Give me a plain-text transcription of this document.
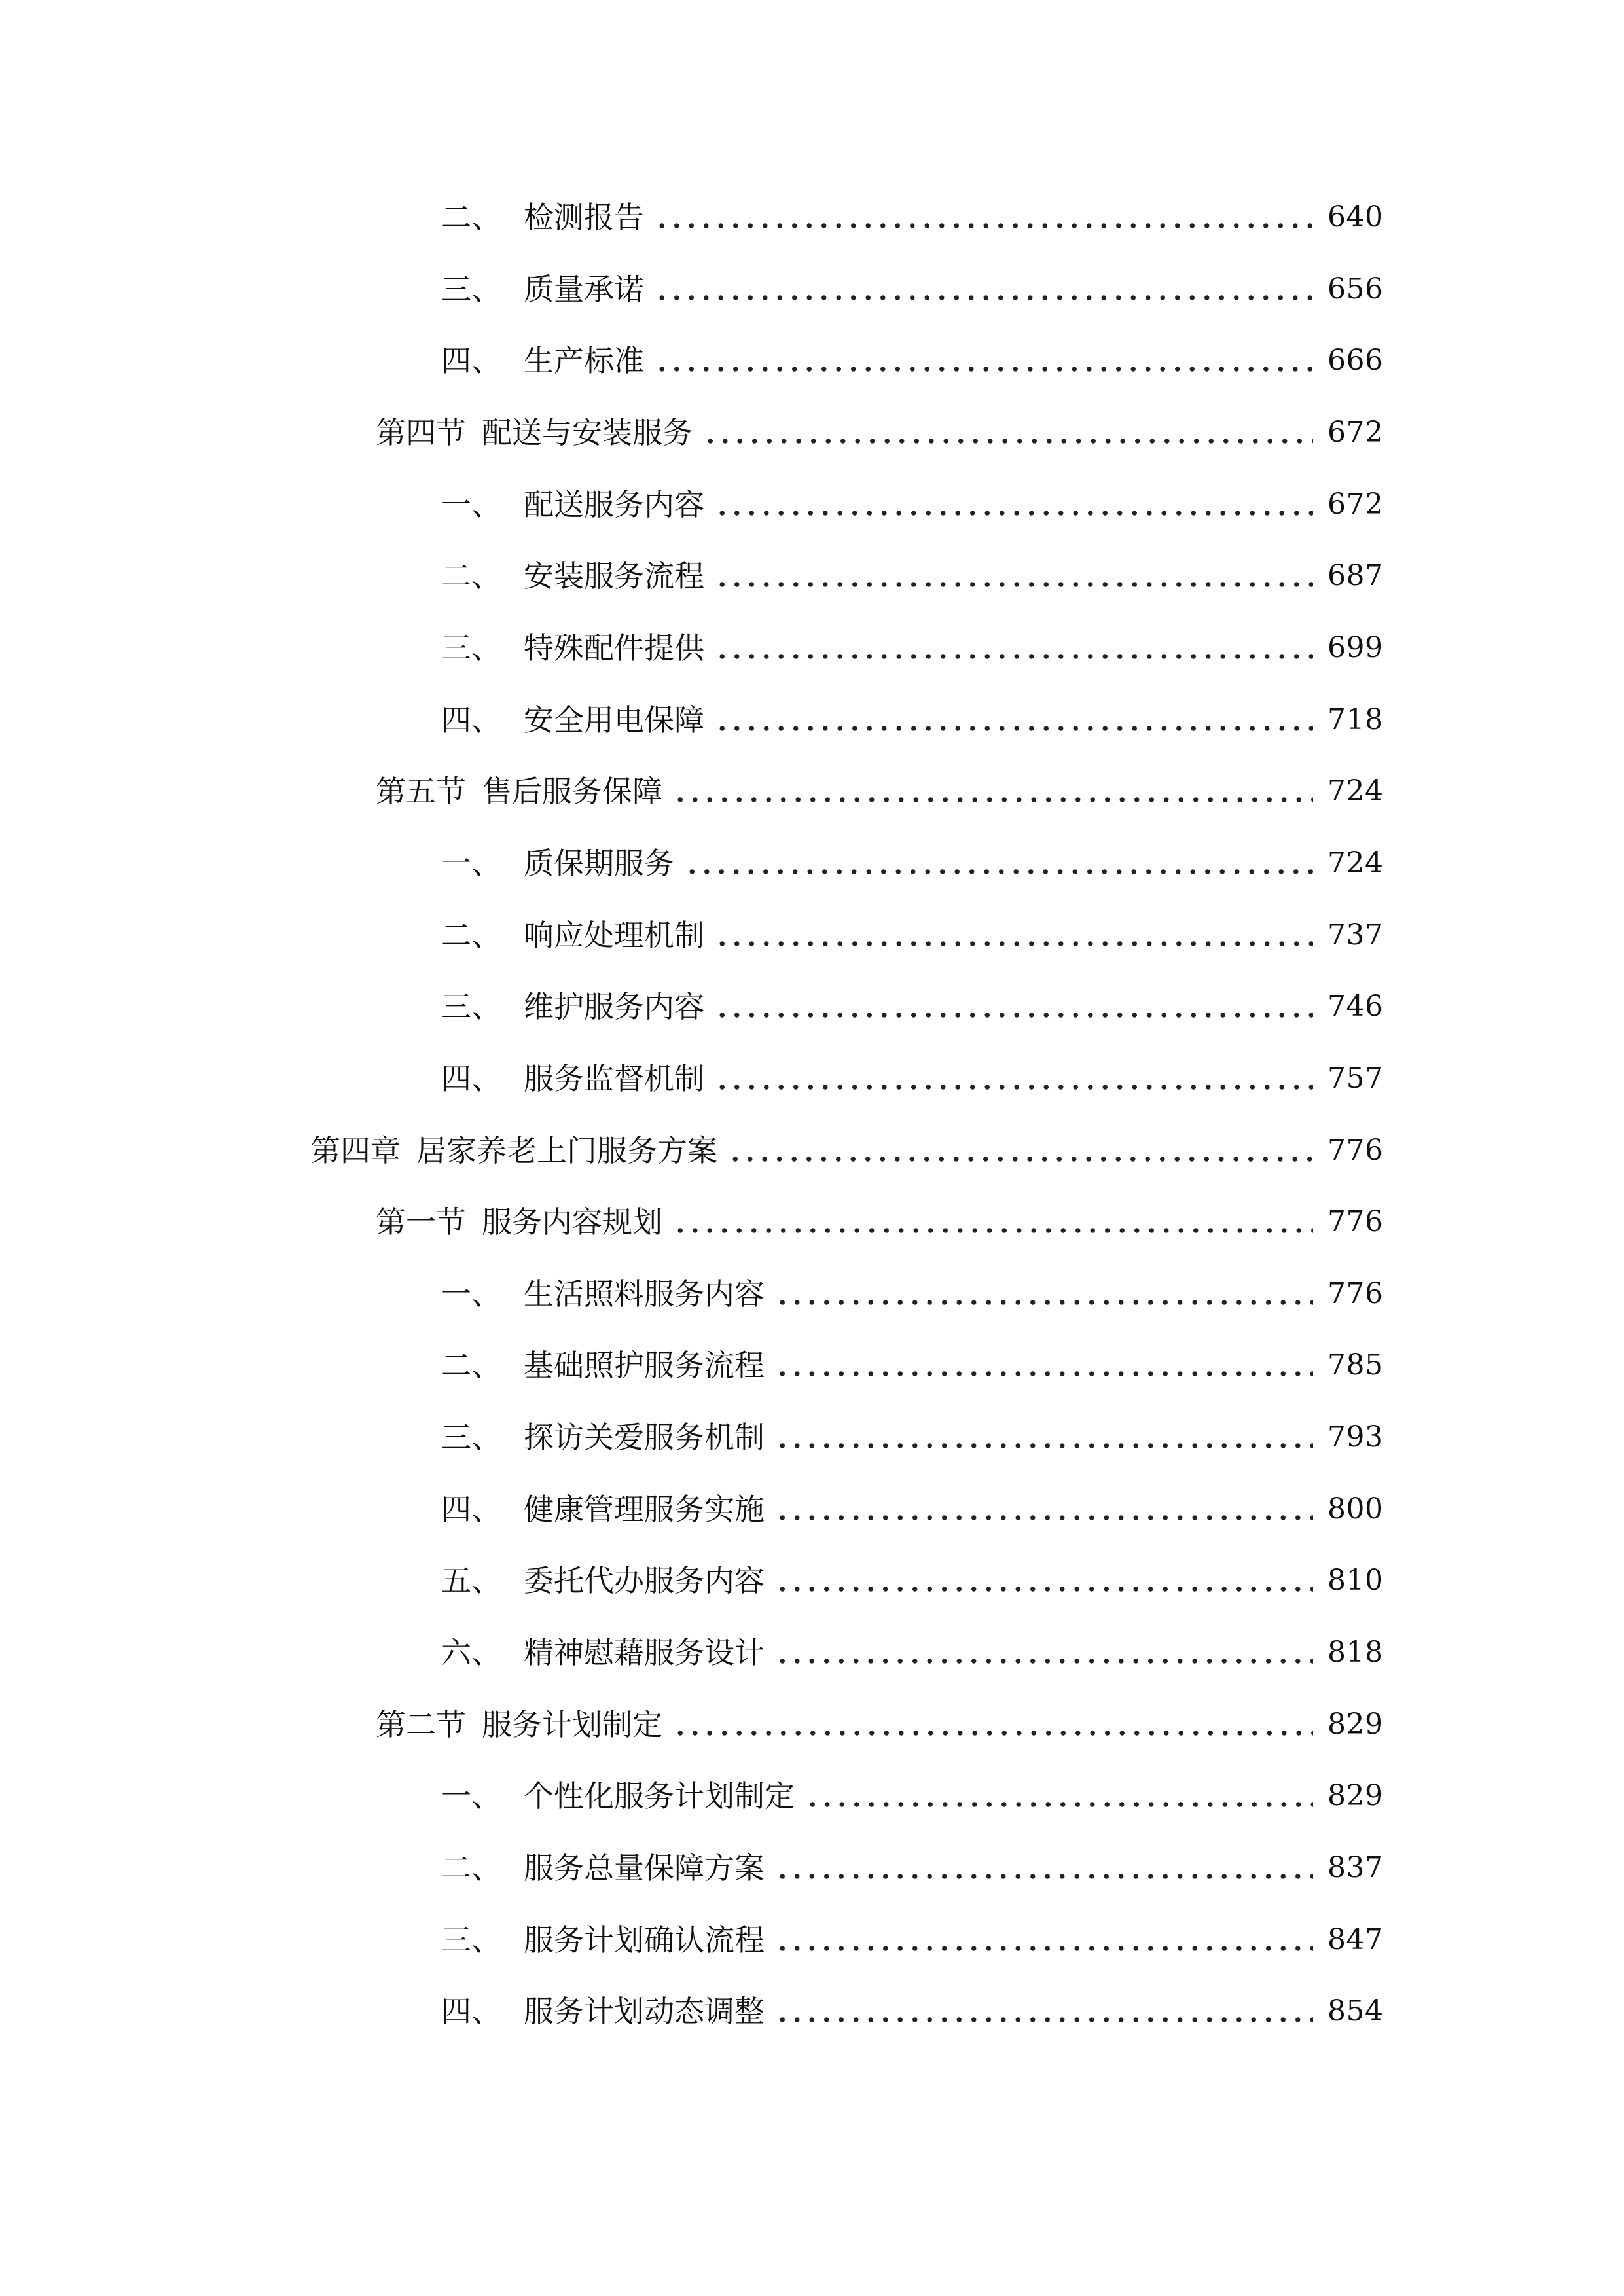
二、 检测报告	640
三、 质量承诺	656
四、 生产标准	666
第四节 配送与安装服务	672
一、 配送服务内容	672
二、 安装服务流程	687
三、 特殊配件提供	699
四、 安全用电保障	718
第五节 售后服务保障	724
一、 质保期服务	724
二、 响应处理机制	737
三、 维护服务内容	746
四、 服务监督机制	757
第四章 居家养老上门服务方案	776
第一节 服务内容规划	776
一、 生活照料服务内容	776
二、 基础照护服务流程	785
三、 探访关爱服务机制	793
四、 健康管理服务实施	800
五、 委托代办服务内容	810
六、 精神慰藉服务设计	818
第二节 服务计划制定	829
一、 个性化服务计划制定	829
二、 服务总量保障方案	837
三、 服务计划确认流程	847
四、 服务计划动态调整	854
